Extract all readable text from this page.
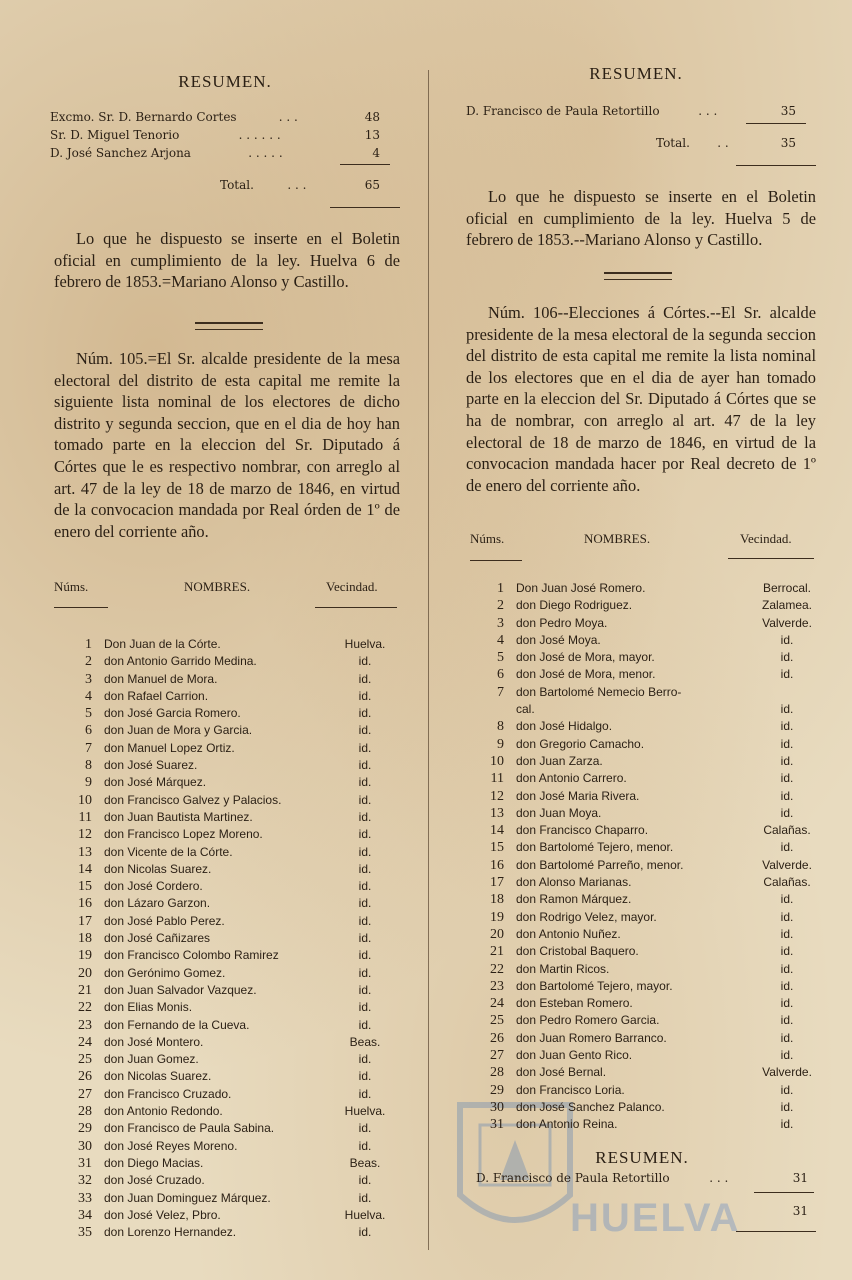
HUELVA
RESUMEN.
Excmo. Sr. D. Bernardo Cortes	. . .	48
Sr. D. Miguel Tenorio	. . . . . .	13
D. José Sanchez Arjona	. . . . .	4
Total.	. . .	65

Lo que he dispuesto se inserte en el Boletin oficial en cumplimiento de la ley. Huelva 6 de febrero de 1853.=Mariano Alonso y Castillo.

Núm. 105.=El Sr. alcalde presidente de la mesa electoral del distrito de esta capital me remite la siguiente lista nominal de los electores de dicho distrito y segunda seccion, que en el dia de hoy han tomado parte en la eleccion del Sr. Diputado á Córtes que le es respectivo nombrar, con arreglo al art. 47 de la ley de 18 de marzo de 1846, en virtud de la convocacion mandada por Real órden de 1º de enero del corriente año.

Núms.	NOMBRES.	Vecindad.
1	Don Juan de la Córte.	Huelva.
2	don Antonio Garrido Medina.	id.
3	don Manuel de Mora.	id.
4	don Rafael Carrion.	id.
5	don José Garcia Romero.	id.
6	don Juan de Mora y Garcia.	id.
7	don Manuel Lopez Ortiz.	id.
8	don José Suarez.	id.
9	don José Márquez.	id.
10	don Francisco Galvez y Palacios.	id.
11	don Juan Bautista Martinez.	id.
12	don Francisco Lopez Moreno.	id.
13	don Vicente de la Córte.	id.
14	don Nicolas Suarez.	id.
15	don José Cordero.	id.
16	don Lázaro Garzon.	id.
17	don José Pablo Perez.	id.
18	don José Cañizares	id.
19	don Francisco Colombo Ramirez	id.
20	don Gerónimo Gomez.	id.
21	don Juan Salvador Vazquez.	id.
22	don Elias Monis.	id.
23	don Fernando de la Cueva.	id.
24	don José Montero.	Beas.
25	don Juan Gomez.	id.
26	don Nicolas Suarez.	id.
27	don Francisco Cruzado.	id.
28	don Antonio Redondo.	Huelva.
29	don Francisco de Paula Sabina.	id.
30	don José Reyes Moreno.	id.
31	don Diego Macias.	Beas.
32	don José Cruzado.	id.
33	don Juan Dominguez Márquez.	id.
34	don José Velez, Pbro.	Huelva.
35	don Lorenzo Hernandez.	id.
RESUMEN.
D. Francisco de Paula Retortillo	. . .	35
Total. . .	35

Lo que he dispuesto se inserte en el Boletin oficial en cumplimiento de la ley. Huelva 5 de febrero de 1853.--Mariano Alonso y Castillo.

Núm. 106--Elecciones á Córtes.--El Sr. alcalde presidente de la mesa electoral de la segunda seccion del distrito de esta capital me remite la lista nominal de los electores que en el dia de ayer han tomado parte en la eleccion del Sr. Diputado á Córtes que se ha de nombrar, con arreglo al art. 47 de la ley electoral de 18 de marzo de 1846, en virtud de la convocacion mandada hacer por Real decreto de 1º de enero del corriente año.

Núms.	NOMBRES.	Vecindad.
1	Don Juan José Romero.	Berrocal.
2	don Diego Rodriguez.	Zalamea.
3	don Pedro Moya.	Valverde.
4	don José Moya.	id.
5	don José de Mora, mayor.	id.
6	don José de Mora, menor.	id.
7	don Bartolomé Nemecio Berro-
cal.	id.
8	don José Hidalgo.	id.
9	don Gregorio Camacho.	id.
10	don Juan Zarza.	id.
11	don Antonio Carrero.	id.
12	don José Maria Rivera.	id.
13	don Juan Moya.	id.
14	don Francisco Chaparro.	Calañas.
15	don Bartolomé Tejero, menor.	id.
16	don Bartolomé Parreño, menor.	Valverde.
17	don Alonso Marianas.	Calañas.
18	don Ramon Márquez.	id.
19	don Rodrigo Velez, mayor.	id.
20	don Antonio Nuñez.	id.
21	don Cristobal Baquero.	id.
22	don Martin Ricos.	id.
23	don Bartolomé Tejero, mayor.	id.
24	don Esteban Romero.	id.
25	don Pedro Romero Garcia.	id.
26	don Juan Romero Barranco.	id.
27	don Juan Gento Rico.	id.
28	don José Bernal.	Valverde.
29	don Francisco Loria.	id.
30	don José Sanchez Palanco.	id.
31	don Antonio Reina.	id.
RESUMEN.
D. Francisco de Paula Retortillo	. . .	31
31
